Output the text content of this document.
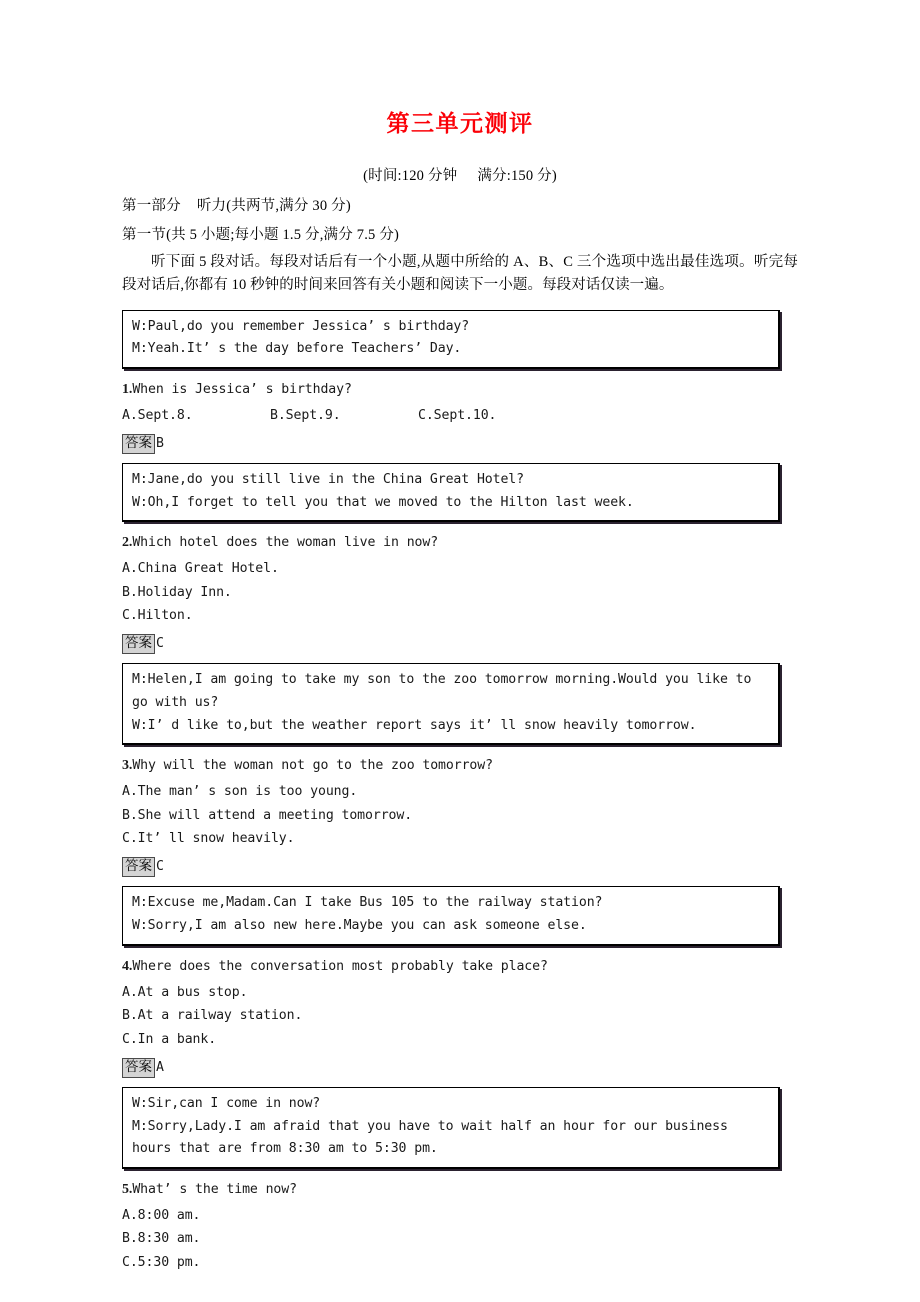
第三单元测评
(时间:120 分钟 满分:150 分)
第一部分 听力(共两节,满分 30 分)
第一节(共 5 小题;每小题 1.5 分,满分 7.5 分)

听下面 5 段对话。每段对话后有一个小题,从题中所给的 A、B、C 三个选项中选出最佳选项。听完每段对话后,你都有 10 秒钟的时间来回答有关小题和阅读下一小题。每段对话仅读一遍。

W:Paul,do you remember Jessica’ s birthday?
M:Yeah.It’ s the day before Teachers’ Day.
1.When is Jessica’ s birthday?
A.Sept.8.	B.Sept.9.	C.Sept.10.
答案 B
M:Jane,do you still live in the China Great Hotel?
W:Oh,I forget to tell you that we moved to the Hilton last week.
2.Which hotel does the woman live in now?
A.China Great Hotel.
B.Holiday Inn.
C.Hilton.
答案 C
M:Helen,I am going to take my son to the zoo tomorrow morning.Would you like to go with us?
W:I’ d like to,but the weather report says it’ ll snow heavily tomorrow.
3.Why will the woman not go to the zoo tomorrow?
A.The man’ s son is too young.
B.She will attend a meeting tomorrow.
C.It’ ll snow heavily.
答案 C
M:Excuse me,Madam.Can I take Bus 105 to the railway station?
W:Sorry,I am also new here.Maybe you can ask someone else.
4.Where does the conversation most probably take place?
A.At a bus stop.
B.At a railway station.
C.In a bank.
答案 A
W:Sir,can I come in now?
M:Sorry,Lady.I am afraid that you have to wait half an hour for our business hours that are from 8:30 am to 5:30 pm.
5.What’ s the time now?
A.8:00 am.
B.8:30 am.
C.5:30 pm.
